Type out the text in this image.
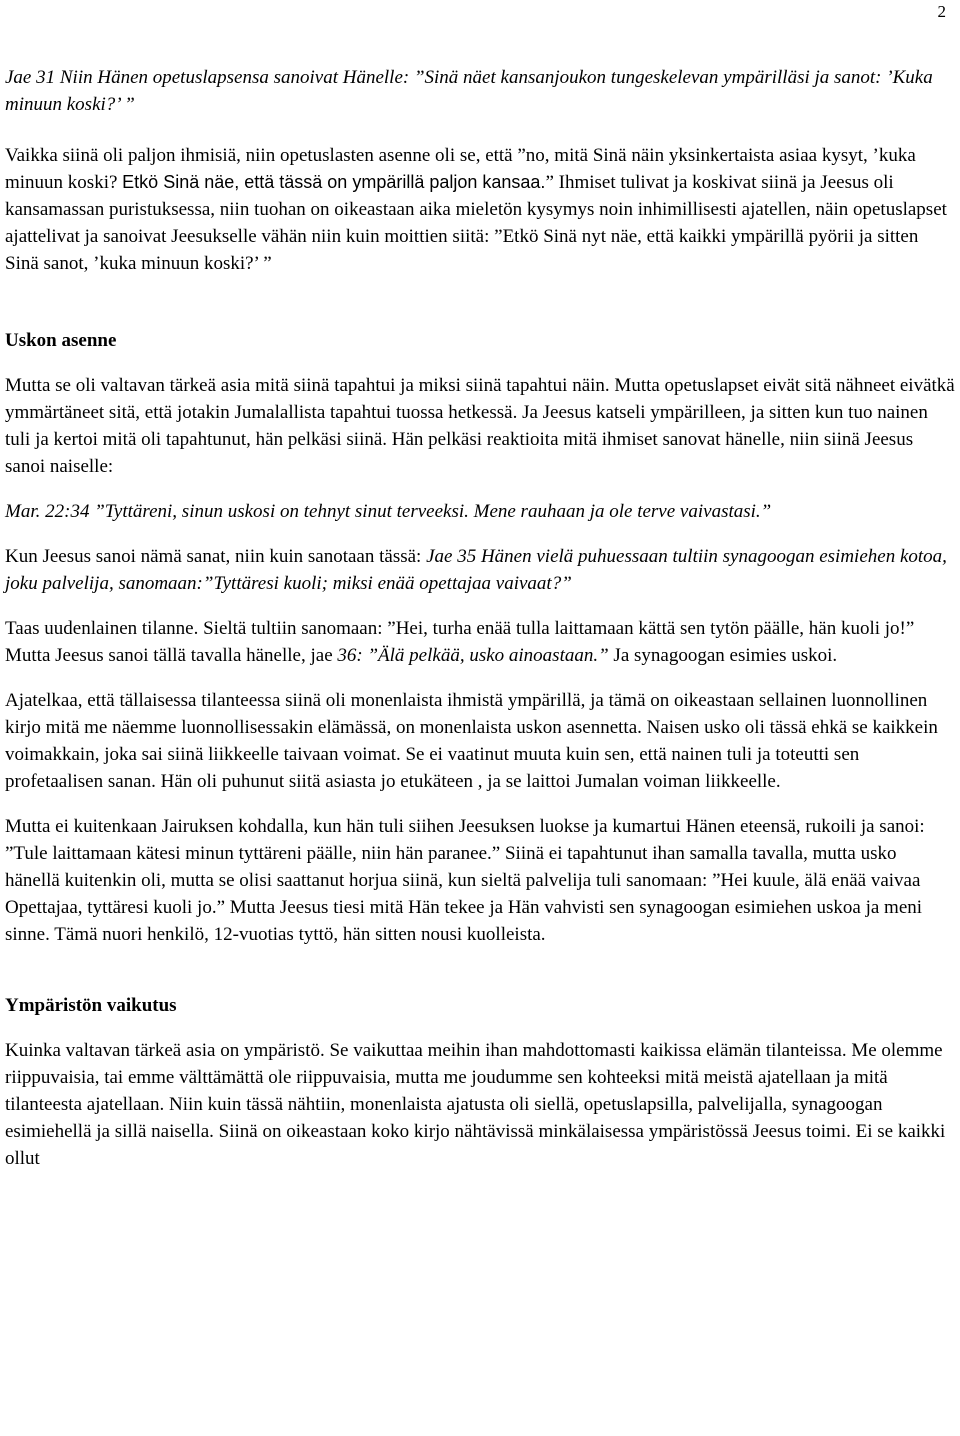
2

Jae 31 Niin Hänen opetuslapsensa sanoivat Hänelle: ”Sinä näet kansanjoukon tungeskelevan ympärilläsi ja sanot: ’Kuka minuun koski?’ ”

Vaikka siinä oli paljon ihmisiä, niin opetuslasten asenne oli se, että ”no, mitä Sinä näin yksinkertaista asiaa kysyt, ’kuka minuun koski? Etkö Sinä näe, että tässä on ympärillä paljon kansaa.” Ihmiset tulivat ja koskivat siinä ja Jeesus oli kansamassan puristuksessa, niin tuohan on oikeastaan aika mieletön kysymys noin inhimillisesti ajatellen, näin opetuslapset ajattelivat ja sanoivat Jeesukselle vähän niin kuin moittien siitä: ”Etkö Sinä nyt näe, että kaikki ympärillä pyörii ja sitten Sinä sanot, ’kuka minuun koski?’ ”

Uskon asenne

Mutta se oli valtavan tärkeä asia mitä siinä tapahtui ja miksi siinä tapahtui näin. Mutta opetuslapset eivät sitä nähneet eivätkä ymmärtäneet sitä, että jotakin Jumalallista tapahtui tuossa hetkessä. Ja Jeesus katseli ympärilleen, ja sitten kun tuo nainen tuli ja kertoi mitä oli tapahtunut, hän pelkäsi siinä. Hän pelkäsi reaktioita mitä ihmiset sanovat hänelle, niin siinä Jeesus sanoi naiselle:

Mar. 22:34 ”Tyttäreni, sinun uskosi on tehnyt sinut terveeksi. Mene rauhaan ja ole terve vaivastasi.”

Kun Jeesus sanoi nämä sanat, niin kuin sanotaan tässä: Jae 35 Hänen vielä puhuessaan tultiin synagoogan esimiehen kotoa, joku palvelija, sanomaan:”Tyttäresi kuoli; miksi enää opettajaa vaivaat?”

Taas uudenlainen tilanne. Sieltä tultiin sanomaan: ”Hei, turha enää tulla laittamaan kättä sen tytön päälle, hän kuoli jo!” Mutta Jeesus sanoi tällä tavalla hänelle, jae 36: ”Älä pelkää, usko ainoastaan.” Ja synagoogan esimies uskoi.

Ajatelkaa, että tällaisessa tilanteessa siinä oli monenlaista ihmistä ympärillä, ja tämä on oikeastaan sellainen luonnollinen kirjo mitä me näemme luonnollisessakin elämässä, on monenlaista uskon asennetta. Naisen usko oli tässä ehkä se kaikkein voimakkain, joka sai siinä liikkeelle taivaan voimat. Se ei vaatinut muuta kuin sen, että nainen tuli ja toteutti sen profetaalisen sanan. Hän oli puhunut siitä asiasta jo etukäteen , ja se laittoi Jumalan voiman liikkeelle.

Mutta ei kuitenkaan Jairuksen kohdalla, kun hän tuli siihen Jeesuksen luokse ja kumartui Hänen eteensä, rukoili ja sanoi: ”Tule laittamaan kätesi minun tyttäreni päälle, niin hän paranee.” Siinä ei tapahtunut ihan samalla tavalla, mutta usko hänellä kuitenkin oli, mutta se olisi saattanut horjua siinä, kun sieltä palvelija tuli sanomaan: ”Hei kuule, älä enää vaivaa Opettajaa, tyttäresi kuoli jo.” Mutta Jeesus tiesi mitä Hän tekee ja Hän vahvisti sen synagoogan esimiehen uskoa ja meni sinne. Tämä nuori henkilö, 12-vuotias tyttö, hän sitten nousi kuolleista.

Ympäristön vaikutus

Kuinka valtavan tärkeä asia on ympäristö. Se vaikuttaa meihin ihan mahdottomasti kaikissa elämän tilanteissa. Me olemme riippuvaisia, tai emme välttämättä ole riippuvaisia, mutta me joudumme sen kohteeksi mitä meistä ajatellaan ja mitä tilanteesta ajatellaan. Niin kuin tässä nähtiin, monenlaista ajatusta oli siellä, opetuslapsilla, palvelijalla, synagoogan esimiehellä ja sillä naisella. Siinä on oikeastaan koko kirjo nähtävissä minkälaisessa ympäristössä Jeesus toimi. Ei se kaikki ollut
